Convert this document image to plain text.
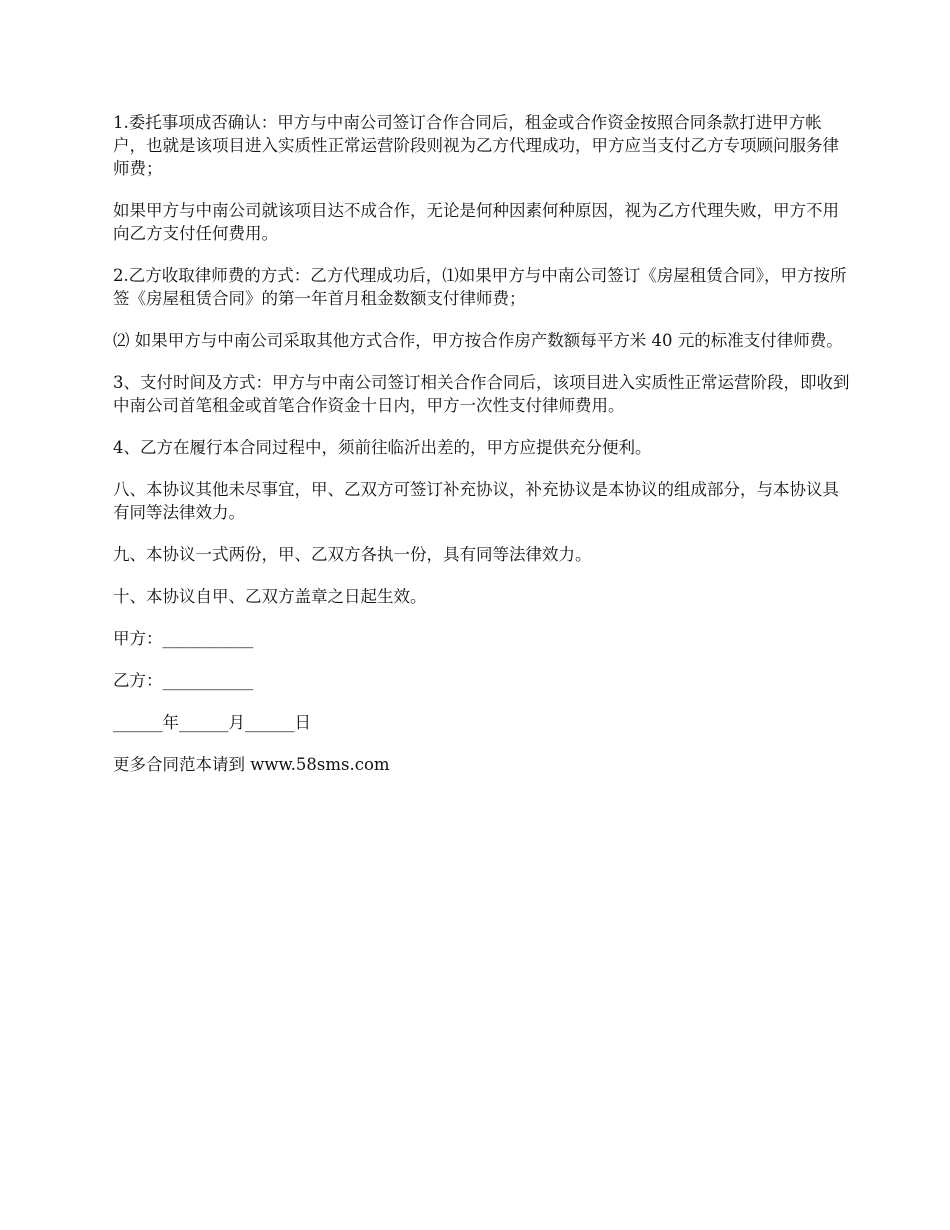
1.委托事项成否确认：甲方与中南公司签订合作合同后，租金或合作资金按照合同条款打进甲方帐户，也就是该项目进入实质性正常运营阶段则视为乙方代理成功，甲方应当支付乙方专项顾问服务律师费；

如果甲方与中南公司就该项目达不成合作，无论是何种因素何种原因，视为乙方代理失败，甲方不用向乙方支付任何费用。

2.乙方收取律师费的方式：乙方代理成功后，⑴如果甲方与中南公司签订《房屋租赁合同》，甲方按所签《房屋租赁合同》的第一年首月租金数额支付律师费；

⑵ 如果甲方与中南公司采取其他方式合作，甲方按合作房产数额每平方米 40 元的标准支付律师费。

3、支付时间及方式：甲方与中南公司签订相关合作合同后，该项目进入实质性正常运营阶段，即收到中南公司首笔租金或首笔合作资金十日内，甲方一次性支付律师费用。

4、乙方在履行本合同过程中，须前往临沂出差的，甲方应提供充分便利。

八、本协议其他未尽事宜，甲、乙双方可签订补充协议，补充协议是本协议的组成部分，与本协议具有同等法律效力。

九、本协议一式两份，甲、乙双方各执一份，具有同等法律效力。

十、本协议自甲、乙双方盖章之日起生效。

甲方：___________

乙方：___________

______年______月______日

更多合同范本请到 www.58sms.com
